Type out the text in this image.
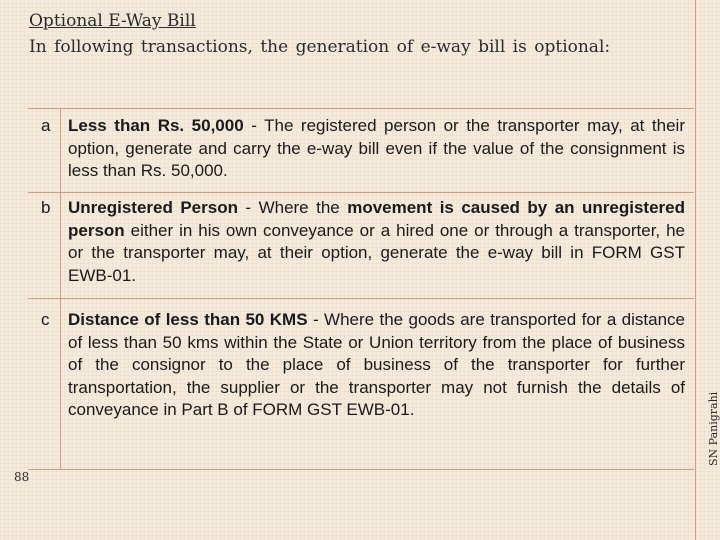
Optional E-Way Bill
In following transactions, the generation of e-way bill is optional:
a Less than Rs. 50,000 - The registered person or the transporter may, at their option, generate and carry the e-way bill even if the value of the consignment is less than Rs. 50,000.
b Unregistered Person - Where the movement is caused by an unregistered person either in his own conveyance or a hired one or through a transporter, he or the transporter may, at their option, generate the e-way bill in FORM GST EWB-01.
c	Distance of less than 50 KMS - Where the goods are transported for a distance of less than 50 kms within the State or Union territory from the place of business of the consignor to the place of business of the transporter for further transportation, the supplier or the transporter may not furnish the details of conveyance in Part B of FORM GST EWB-01.
88
SN Panigrahi
